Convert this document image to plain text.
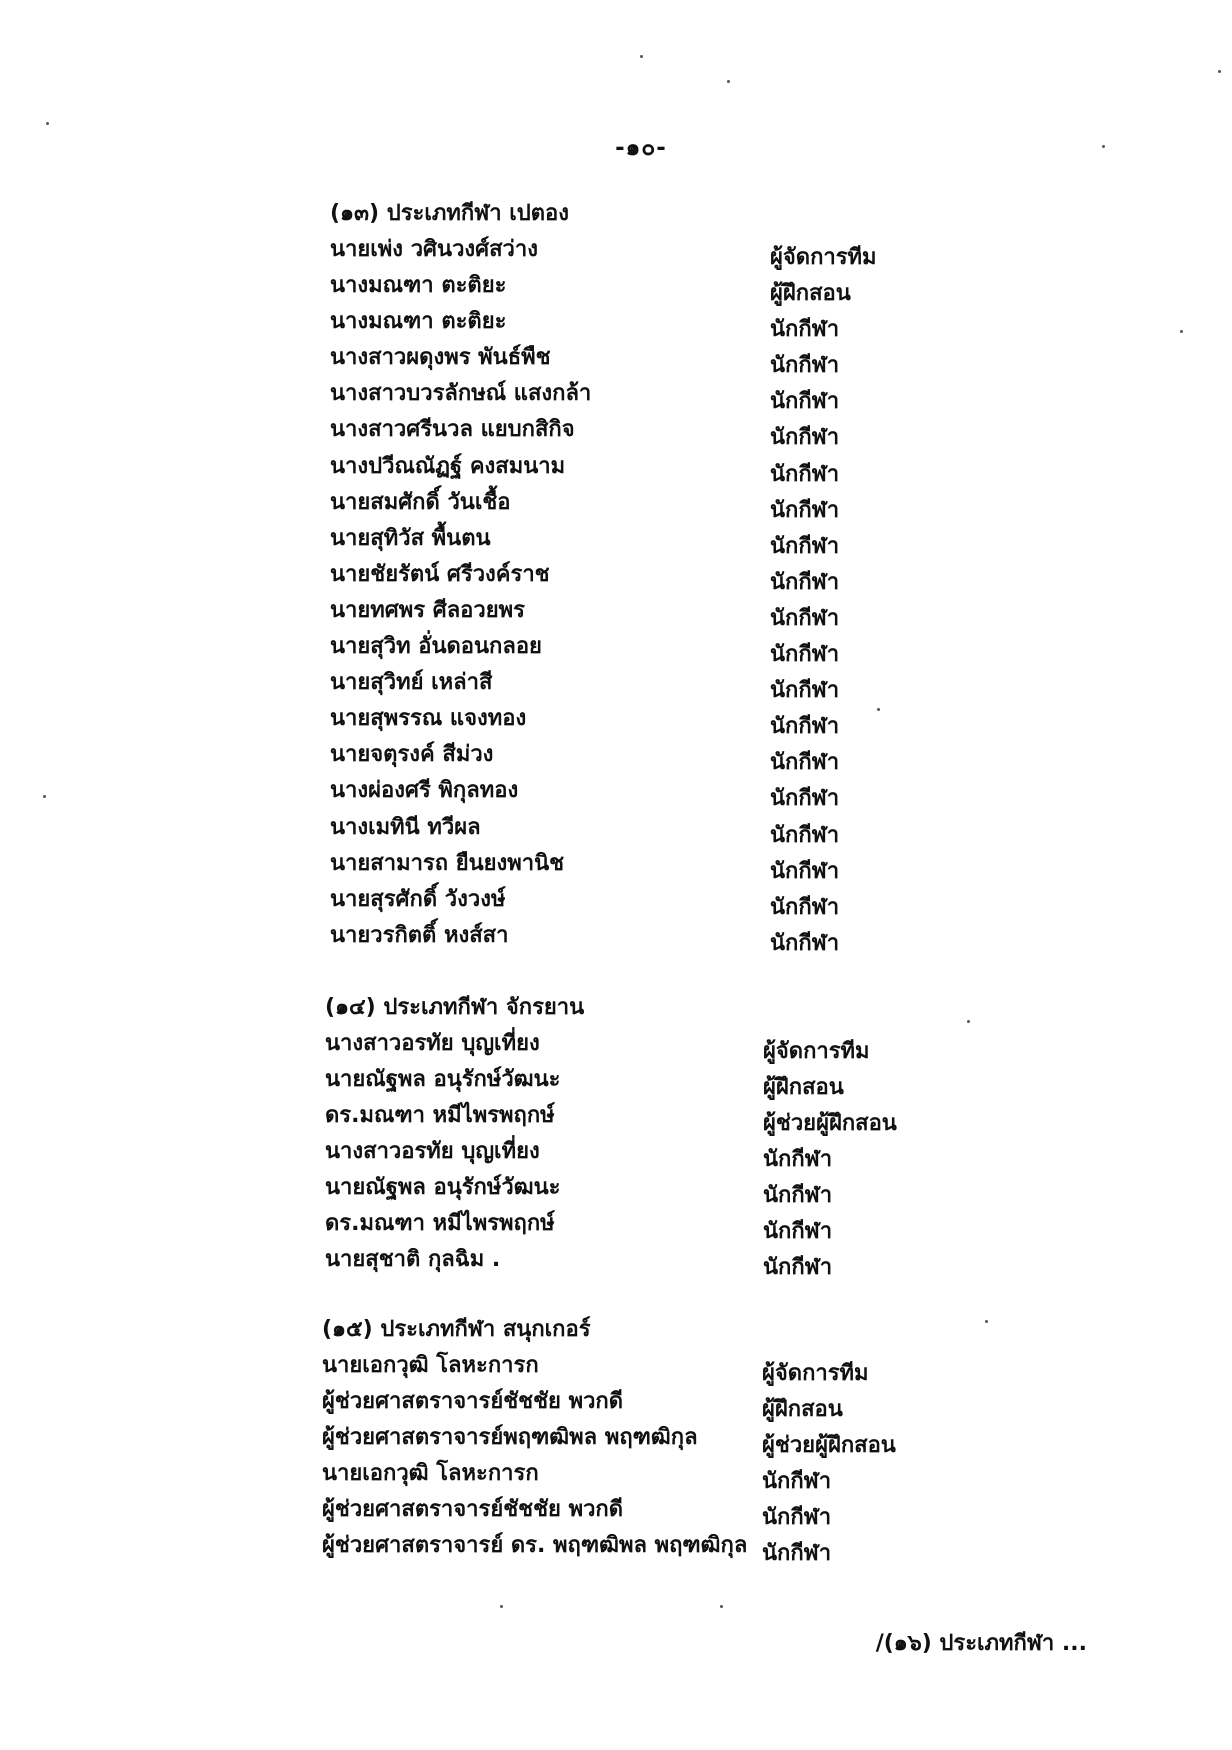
-๑๐-
(๑๓) ประเภทกีฬา เปตอง
นายเพ่ง วศินวงศ์สว่าง	ผู้จัดการทีม
นางมณฑา ตะติยะ	ผู้ฝึกสอน
นางมณฑา ตะติยะ	นักกีฬา
นางสาวผดุงพร พันธ์พืช	นักกีฬา
นางสาวบวรลักษณ์ แสงกล้า	นักกีฬา
นางสาวศรีนวล แยบกสิกิจ	นักกีฬา
นางปวีณณัฏฐ์ คงสมนาม	นักกีฬา
นายสมศักดิ์ วันเชื้อ	นักกีฬา
นายสุทิวัส พื้นตน	นักกีฬา
นายชัยรัตน์ ศรีวงค์ราช	นักกีฬา
นายทศพร ศีลอวยพร	นักกีฬา
นายสุวิท อั่นดอนกลอย	นักกีฬา
นายสุวิทย์ เหล่าสี	นักกีฬา
นายสุพรรณ แจงทอง	นักกีฬา
นายจตุรงค์ สีม่วง	นักกีฬา
นางผ่องศรี พิกุลทอง	นักกีฬา
นางเมทินี ทวีผล	นักกีฬา
นายสามารถ ยืนยงพานิช	นักกีฬา
นายสุรศักดิ์ วังวงษ์	นักกีฬา
นายวรกิตติ์ หงส์สา	นักกีฬา
(๑๔) ประเภทกีฬา จักรยาน
นางสาวอรทัย บุญเที่ยง	ผู้จัดการทีม
นายณัฐพล อนุรักษ์วัฒนะ	ผู้ฝึกสอน
ดร.มณฑา หมีไพรพฤกษ์	ผู้ช่วยผู้ฝึกสอน
นางสาวอรทัย บุญเที่ยง	นักกีฬา
นายณัฐพล อนุรักษ์วัฒนะ	นักกีฬา
ดร.มณฑา หมีไพรพฤกษ์	นักกีฬา
นายสุชาติ กุลฉิม .	นักกีฬา
(๑๕) ประเภทกีฬา สนุกเกอร์
นายเอกวุฒิ โลหะการก	ผู้จัดการทีม
ผู้ช่วยศาสตราจารย์ชัชชัย พวกดี	ผู้ฝึกสอน
ผู้ช่วยศาสตราจารย์พฤฑฒิพล พฤฑฒิกุล	ผู้ช่วยผู้ฝึกสอน
นายเอกวุฒิ โลหะการก	นักกีฬา
ผู้ช่วยศาสตราจารย์ชัชชัย พวกดี	นักกีฬา
ผู้ช่วยศาสตราจารย์ ดร. พฤฑฒิพล พฤฑฒิกุล นักกีฬา
/(๑๖) ประเภทกีฬา ...
